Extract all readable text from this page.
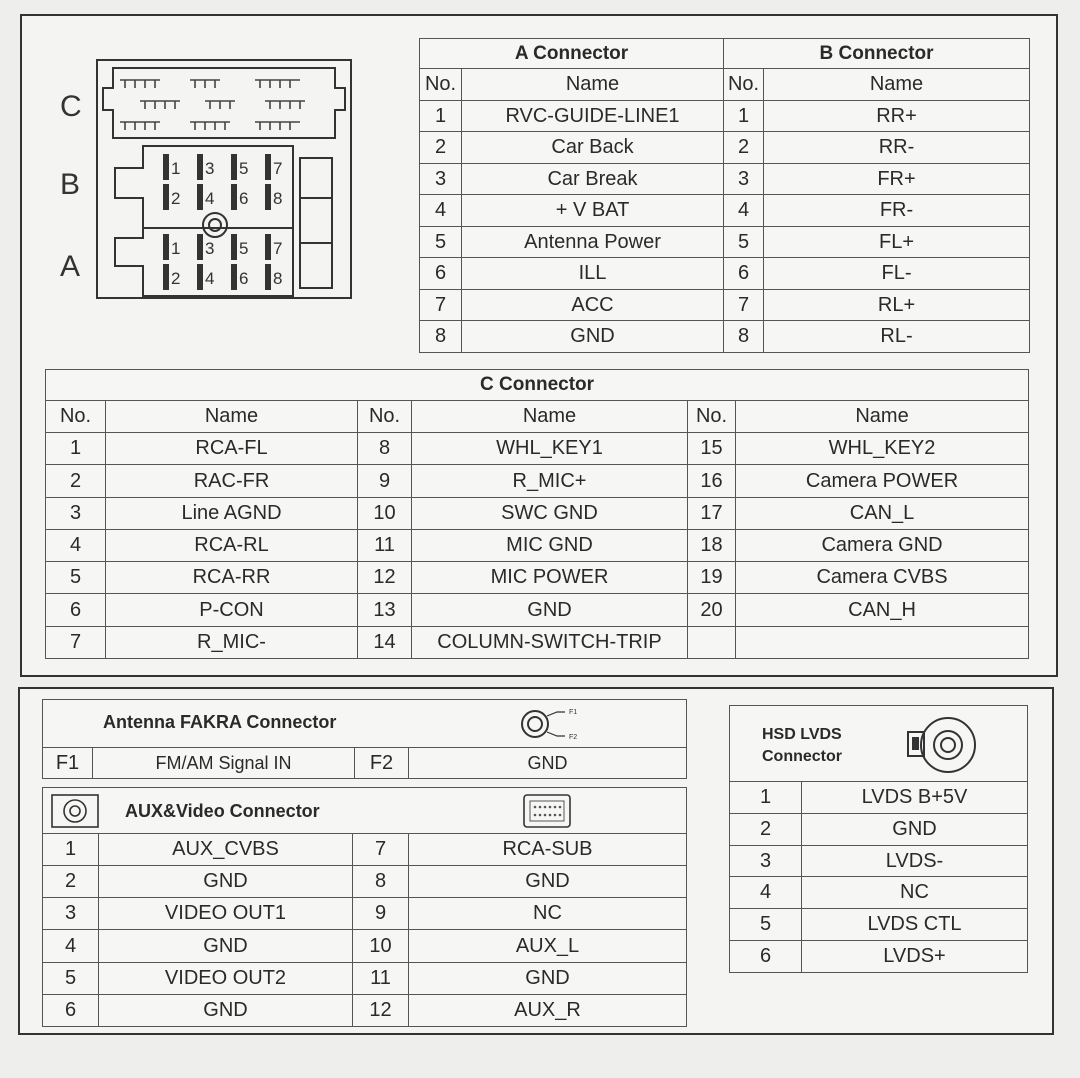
C
B
A
1
2
3
4
5
6
7
8
1
2
3
4
5
6
7
8
A Connector		B Connector	
No.	Name	No.	Name
1	RVC-GUIDE-LINE1	1	RR+
2	Car Back	2	RR-
3	Car Break	3	FR+
4	+ V BAT	4	FR-
5	Antenna Power	5	FL+
6	ILL	6	FL-
7	ACC	7	RL+
8	GND	8	RL-
C Connector					
No.	Name	No.	Name	No.	Name
1	RCA-FL	8	WHL_KEY1	15	WHL_KEY2
2	RAC-FR	9	R_MIC+	16	Camera POWER
3	Line AGND	10	SWC GND	17	CAN_L
4	RCA-RL	11	MIC GND	18	Camera GND
5	RCA-RR	12	MIC POWER	19	Camera CVBS
6	P-CON	13	GND	20	CAN_H
7	R_MIC-	14	COLUMN-SWITCH-TRIP		
Antenna FAKRA Connector	F1
F2

F1	FM/AM Signal IN	F2	GND
AUX&Video Connector			

1	AUX_CVBS	7	RCA-SUB
2	GND	8	GND
3	VIDEO OUT1	9	NC
4	GND	10	AUX_L
5	VIDEO OUT2	11	GND
6	GND	12	AUX_R
HSD LVDS
Connector	

1	LVDS B+5V
2	GND
3	LVDS-
4	NC
5	LVDS CTL
6	LVDS+
